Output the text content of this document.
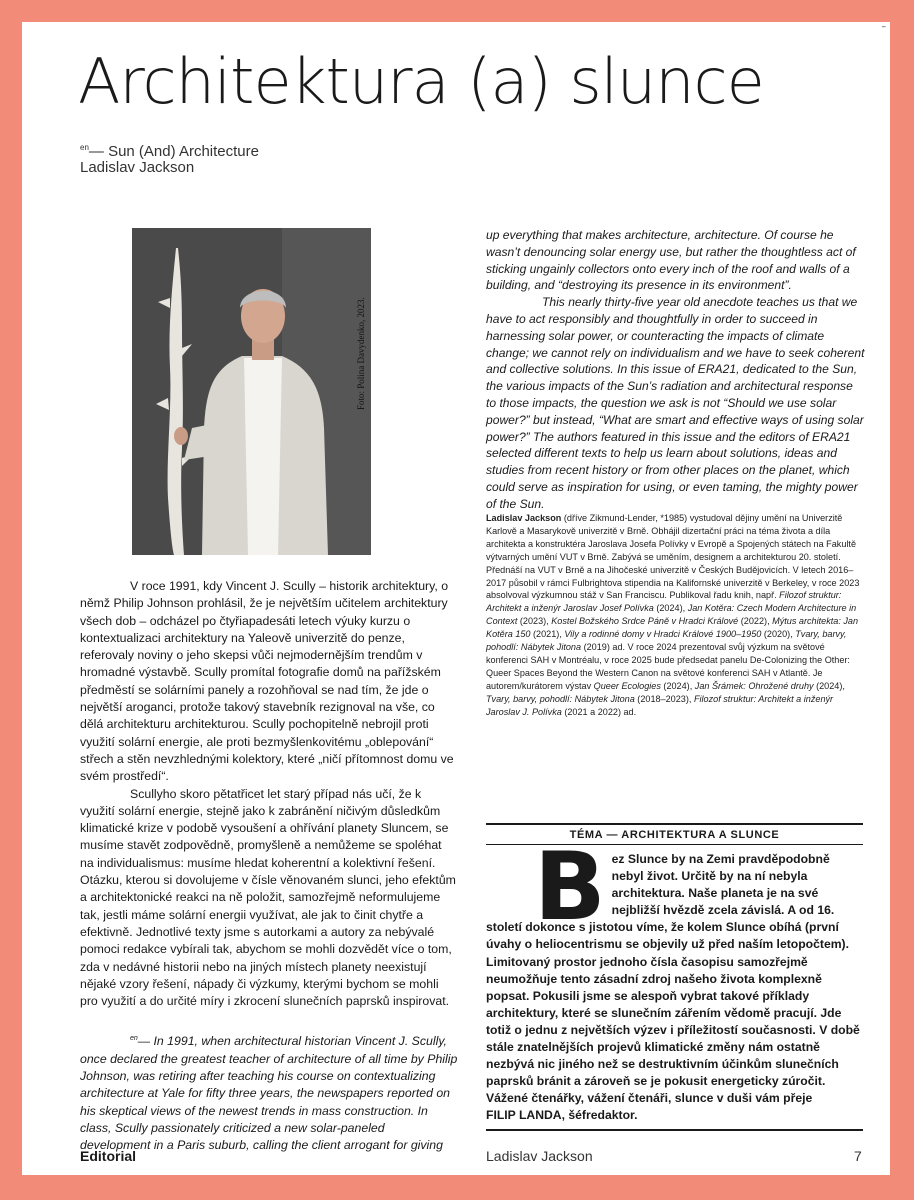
–
Architektura (a) slunce
$^{en}$— Sun (And) Architecture
Ladislav Jackson
Foto: Polina Davydenko, 2023.

V roce 1991, kdy Vincent J. Scully – historik architektury, o němž Philip Johnson prohlásil, že je největším učitelem architektury všech dob – odcházel po čtyřiapadesáti letech výuky kurzu o kontextualizaci architektury na Yaleově univerzitě do penze, referovaly noviny o jeho skepsi vůči nejmodernějším trendům v hromadné výstavbě. Scully promítal fotografie domů na pařížském předměstí se solárními panely a rozohňoval se nad tím, že jde o největší aroganci, protože takový stavebník rezignoval na vše, co dělá architekturu architekturou. Scully pochopitelně nebrojil proti využití solární energie, ale proti bezmyšlenkovitému „oblepování“ střech a stěn nevzhlednými kolektory, které „ničí přítomnost domu ve svém prostředí“.

Scullyho skoro pětatřicet let starý případ nás učí, že k využití solární energie, stejně jako k zabránění ničivým důsledkům klimatické krize v podobě vysoušení a ohřívání planety Sluncem, se musíme stavět zodpovědně, promyšleně a nemůžeme se spoléhat na individualismus: musíme hledat koherentní a kolektivní řešení. Otázku, kterou si dovolujeme v čísle věnovaném slunci, jeho efektům a architektonické reakci na ně položit, samozřejmě neformulujeme tak, jestli máme solární energii využívat, ale jak to činit chytře a efektivně. Jednotlivé texty jsme s autorkami a autory za nebývalé pomoci redakce vybírali tak, abychom se mohli dozvědět více o tom, zda v nedávné historii nebo na jiných místech planety neexistují nějaké vzory řešení, nápady či výzkumy, kterými bychom se mohli pro využití a do určité míry i zkrocení slunečních paprsků inspirovat.

$^{en}$— In 1991, when architectural historian Vincent J. Scully, once declared the greatest teacher of architecture of all time by Philip Johnson, was retiring after teaching his course on contextualizing architecture at Yale for fifty three years, the newspapers reported on his skeptical views of the newest trends in mass construction. In class, Scully passionately criticized a new solar-paneled development in a Paris suburb, calling the client arrogant for giving

up everything that makes architecture, architecture. Of course he wasn’t denouncing solar energy use, but rather the thoughtless act of sticking ungainly collectors onto every inch of the roof and walls of a building, and “destroying its presence in its environment”.

This nearly thirty-five year old anecdote teaches us that we have to act responsibly and thoughtfully in order to succeed in harnessing solar power, or counteracting the impacts of climate change; we cannot rely on individualism and we have to seek coherent and collective solutions. In this issue of ERA21, dedicated to the Sun, the various impacts of the Sun’s radiation and architectural response to those impacts, the question we ask is not “Should we use solar power?” but instead, “What are smart and effective ways of using solar power?” The authors featured in this issue and the editors of ERA21 selected different texts to help us learn about solutions, ideas and studies from recent history or from other places on the planet, which could serve as inspiration for using, or even taming, the mighty power of the Sun.

Ladislav Jackson (dříve Zikmund-Lender, *1985) vystudoval dějiny umění na Univerzitě Karlově a Masarykově univerzitě v Brně. Obhájil dizertační práci na téma života a díla architekta a konstruktéra Jaroslava Josefa Polívky v Evropě a Spojených státech na Fakultě výtvarných umění VUT v Brně. Zabývá se uměním, designem a architekturou 20. století. Přednáší na VUT v Brně a na Jihočeské univerzitě v Českých Budějovicích. V letech 2016–2017 působil v rámci Fulbrightova stipendia na Kalifornské univerzitě v Berkeley, v roce 2023 absolvoval výzkumnou stáž v San Franciscu. Publikoval řadu knih, např. Filozof struktur: Architekt a inženýr Jaroslav Josef Polívka (2024), Jan Kotěra: Czech Modern Architecture in Context (2023), Kostel Božského Srdce Páně v Hradci Králové (2022), Mýtus architekta: Jan Kotěra 150 (2021), Vily a rodinné domy v Hradci Králové 1900–1950 (2020), Tvary, barvy, pohodlí: Nábytek Jitona (2019) ad. V roce 2024 prezentoval svůj výzkum na světové konferenci SAH v Montréalu, v roce 2025 bude předsedat panelu De-Colonizing the Other: Queer Spaces Beyond the Western Canon na světové konferenci SAH v Atlantě. Je autorem/kurátorem výstav Queer Ecologies (2024), Jan Šrámek: Ohrožené druhy (2024), Tvary, barvy, pohodlí: Nábytek Jitona (2018–2023), Filozof struktur: Architekt a inženýr Jaroslav J. Polívka (2021 a 2022) ad.
TÉMA — ARCHITEKTURA A SLUNCE
Bez Slunce by na Zemi pravděpodobně nebyl život. Určitě by na ní nebyla architektura. Naše planeta je na své nejbližší hvězdě zcela závislá. A od 16. století dokonce s jistotou víme, že kolem Slunce obíhá (první úvahy o heliocentrismu se objevily už před naším letopočtem). Limitovaný prostor jednoho čísla časopisu samozřejmě neumožňuje tento zásadní zdroj našeho života komplexně popsat. Pokusili jsme se alespoň vybrat takové příklady architektury, které se slunečním zářením vědomě pracují. Jde totiž o jednu z největších výzev i příležitostí současnosti. V době stále znatelnějších projevů klimatické změny nám ostatně nezbývá nic jiného než se destruktivním účinkům slunečních paprsků bránit a zároveň se je pokusit energeticky zúročit.
Vážené čtenářky, vážení čtenáři, slunce v duši vám přeje
FILIP LANDA, šéfredaktor.
Editorial	Ladislav Jackson	7
